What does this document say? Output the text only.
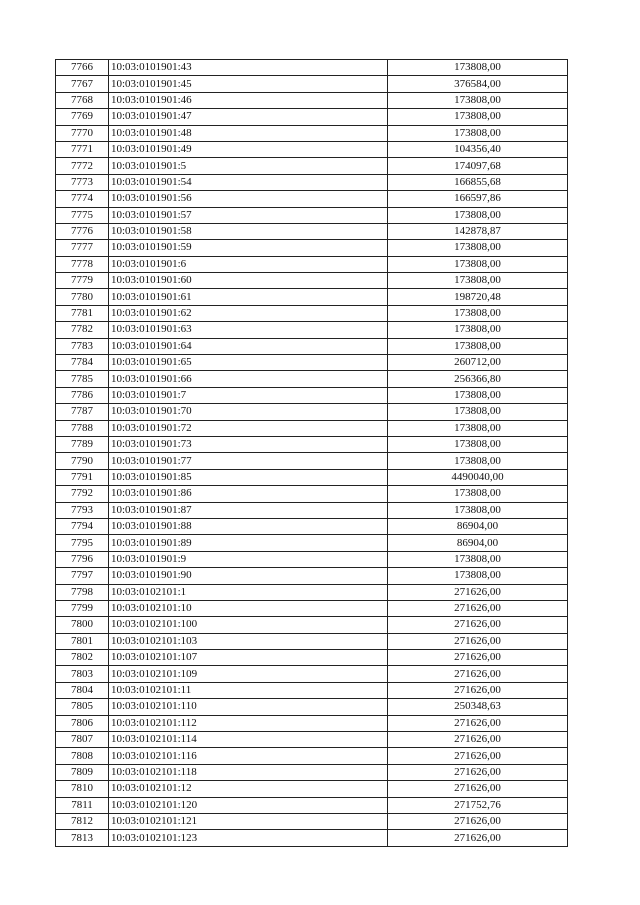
7766	10:03:0101901:43	173808,00
7767	10:03:0101901:45	376584,00
7768	10:03:0101901:46	173808,00
7769	10:03:0101901:47	173808,00
7770	10:03:0101901:48	173808,00
7771	10:03:0101901:49	104356,40
7772	10:03:0101901:5	174097,68
7773	10:03:0101901:54	166855,68
7774	10:03:0101901:56	166597,86
7775	10:03:0101901:57	173808,00
7776	10:03:0101901:58	142878,87
7777	10:03:0101901:59	173808,00
7778	10:03:0101901:6	173808,00
7779	10:03:0101901:60	173808,00
7780	10:03:0101901:61	198720,48
7781	10:03:0101901:62	173808,00
7782	10:03:0101901:63	173808,00
7783	10:03:0101901:64	173808,00
7784	10:03:0101901:65	260712,00
7785	10:03:0101901:66	256366,80
7786	10:03:0101901:7	173808,00
7787	10:03:0101901:70	173808,00
7788	10:03:0101901:72	173808,00
7789	10:03:0101901:73	173808,00
7790	10:03:0101901:77	173808,00
7791	10:03:0101901:85	4490040,00
7792	10:03:0101901:86	173808,00
7793	10:03:0101901:87	173808,00
7794	10:03:0101901:88	86904,00
7795	10:03:0101901:89	86904,00
7796	10:03:0101901:9	173808,00
7797	10:03:0101901:90	173808,00
7798	10:03:0102101:1	271626,00
7799	10:03:0102101:10	271626,00
7800	10:03:0102101:100	271626,00
7801	10:03:0102101:103	271626,00
7802	10:03:0102101:107	271626,00
7803	10:03:0102101:109	271626,00
7804	10:03:0102101:11	271626,00
7805	10:03:0102101:110	250348,63
7806	10:03:0102101:112	271626,00
7807	10:03:0102101:114	271626,00
7808	10:03:0102101:116	271626,00
7809	10:03:0102101:118	271626,00
7810	10:03:0102101:12	271626,00
7811	10:03:0102101:120	271752,76
7812	10:03:0102101:121	271626,00
7813	10:03:0102101:123	271626,00
